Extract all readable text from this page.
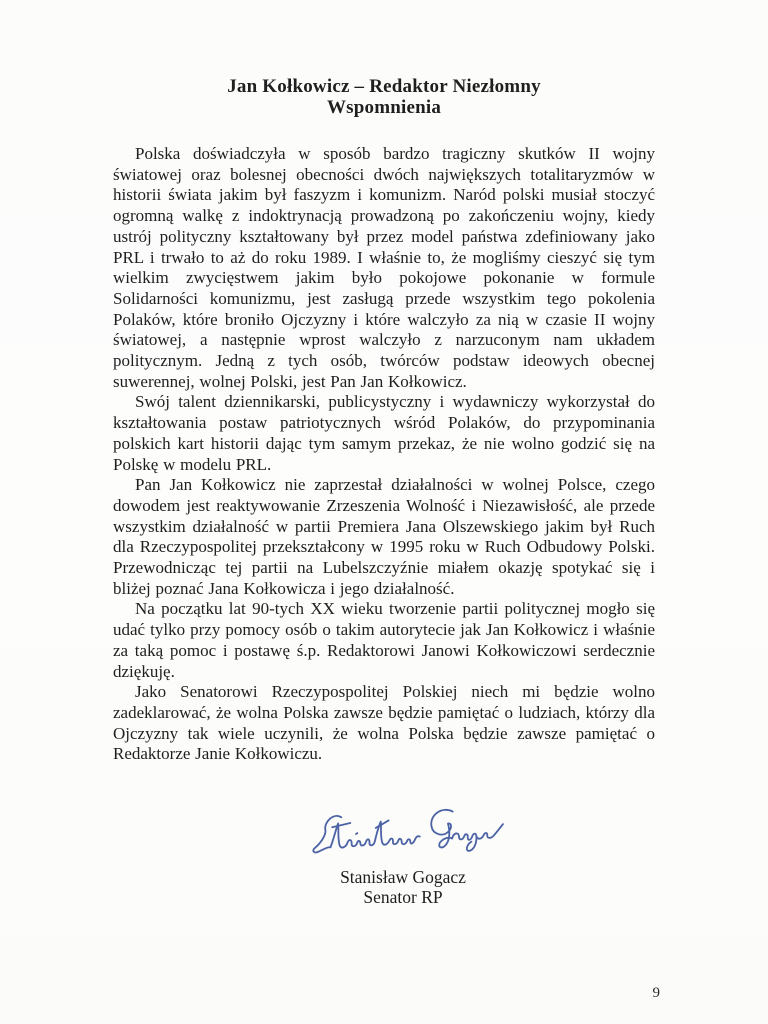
Jan Kołkowicz – Redaktor Niezłomny
Wspomnienia

Polska doświadczyła w sposób bardzo tragiczny skutków II wojny światowej oraz bolesnej obecności dwóch największych totalitaryzmów w historii świata jakim był faszyzm i komunizm. Naród polski musiał stoczyć ogromną walkę z indoktrynacją prowadzoną po zakończeniu wojny, kiedy ustrój polityczny kształtowany był przez model państwa zdefiniowany jako PRL i trwało to aż do roku 1989. I właśnie to, że mogliśmy cieszyć się tym wielkim zwycięstwem jakim było pokojowe pokonanie w formule Solidarności komunizmu, jest zasługą przede wszystkim tego pokolenia Polaków, które broniło Ojczyzny i które walczyło za nią w czasie II wojny światowej, a następnie wprost walczyło z narzuconym nam układem politycznym. Jedną z tych osób, twórców podstaw ideowych obecnej suwerennej, wolnej Polski, jest Pan Jan Kołkowicz.

Swój talent dziennikarski, publicystyczny i wydawniczy wykorzystał do kształtowania postaw patriotycznych wśród Polaków, do przypominania polskich kart historii dając tym samym przekaz, że nie wolno godzić się na Polskę w modelu PRL.

Pan Jan Kołkowicz nie zaprzestał działalności w wolnej Polsce, czego dowodem jest reaktywowanie Zrzeszenia Wolność i Niezawisłość, ale przede wszystkim działalność w partii Premiera Jana Olszewskiego jakim był Ruch dla Rzeczypospolitej przekształcony w 1995 roku w Ruch Odbudowy Polski. Przewodnicząc tej partii na Lubelszczyźnie miałem okazję spotykać się i bliżej poznać Jana Kołkowicza i jego działalność.

Na początku lat 90-tych XX wieku tworzenie partii politycznej mogło się udać tylko przy pomocy osób o takim autorytecie jak Jan Kołkowicz i właśnie za taką pomoc i postawę ś.p. Redaktorowi Janowi Kołkowiczowi serdecznie dziękuję.

Jako Senatorowi Rzeczypospolitej Polskiej niech mi będzie wolno zadeklarować, że wolna Polska zawsze będzie pamiętać o ludziach, którzy dla Ojczyzny tak wiele uczynili, że wolna Polska będzie zawsze pamiętać o Redaktorze Janie Kołkowiczu.

Stanisław Gogacz
Senator RP
9
